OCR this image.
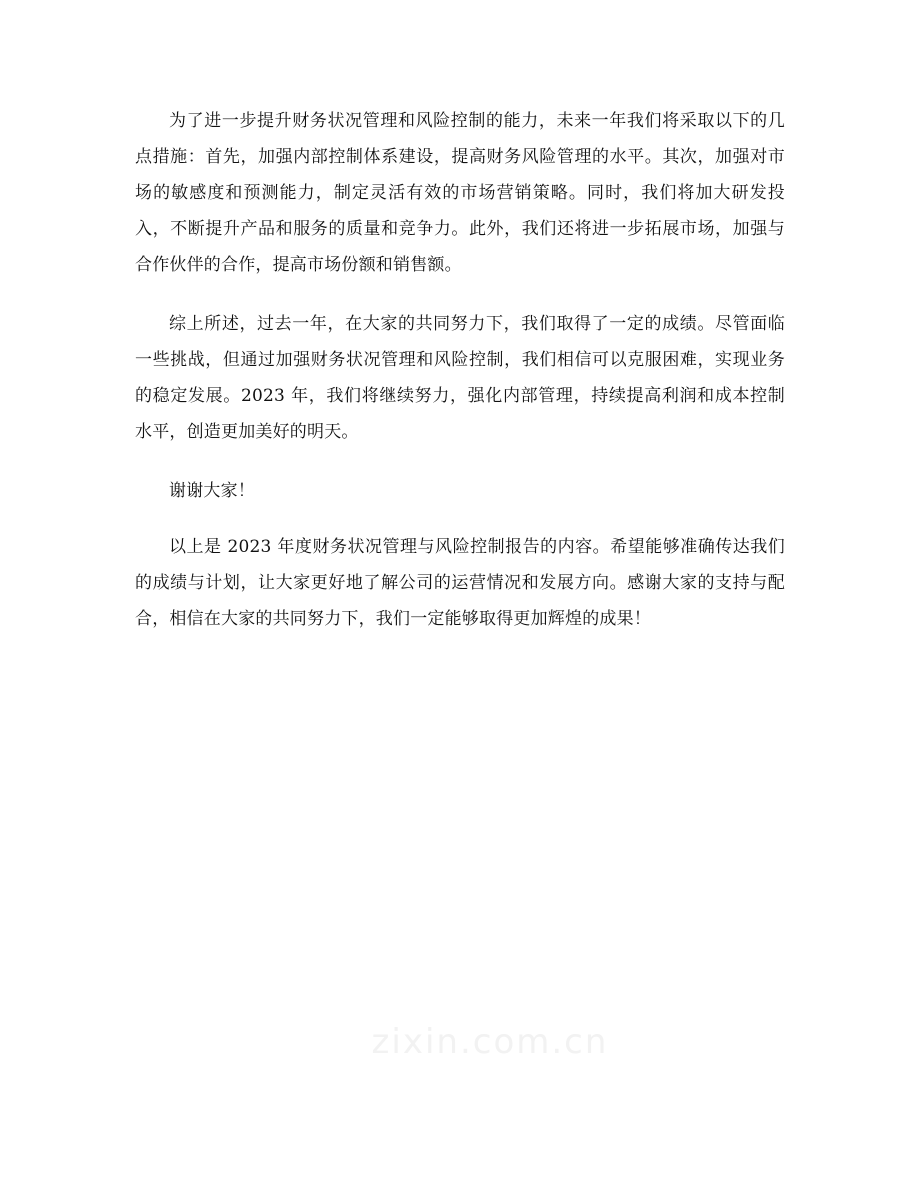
为了进一步提升财务状况管理和风险控制的能力，未来一年我们将采取以下的几点措施：首先，加强内部控制体系建设，提高财务风险管理的水平。其次，加强对市场的敏感度和预测能力，制定灵活有效的市场营销策略。同时，我们将加大研发投入，不断提升产品和服务的质量和竞争力。此外，我们还将进一步拓展市场，加强与合作伙伴的合作，提高市场份额和销售额。

综上所述，过去一年，在大家的共同努力下，我们取得了一定的成绩。尽管面临一些挑战，但通过加强财务状况管理和风险控制，我们相信可以克服困难，实现业务的稳定发展。2023 年，我们将继续努力，强化内部管理，持续提高利润和成本控制水平，创造更加美好的明天。

谢谢大家！

以上是 2023 年度财务状况管理与风险控制报告的内容。希望能够准确传达我们的成绩与计划，让大家更好地了解公司的运营情况和发展方向。感谢大家的支持与配合，相信在大家的共同努力下，我们一定能够取得更加辉煌的成果！

zixin.com.cn
